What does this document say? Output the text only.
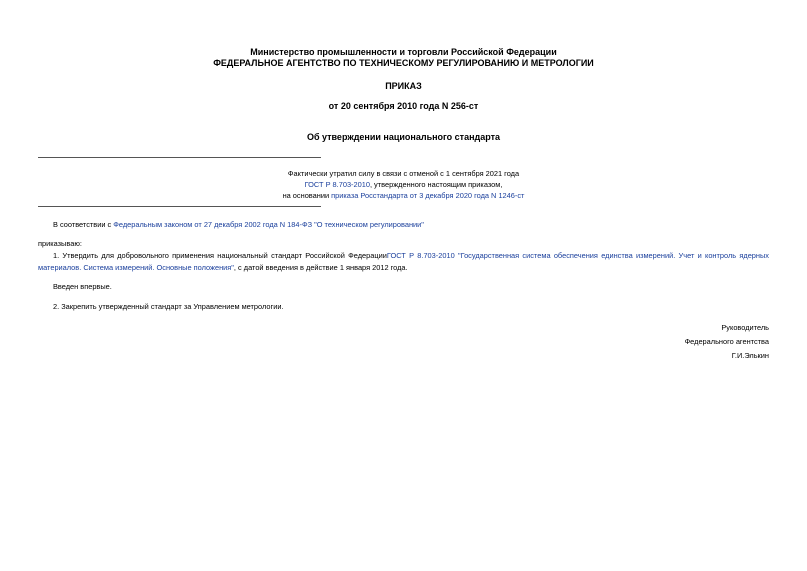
Министерство промышленности и торговли Российской Федерации
ФЕДЕРАЛЬНОЕ АГЕНТСТВО ПО ТЕХНИЧЕСКОМУ РЕГУЛИРОВАНИЮ И МЕТРОЛОГИИ
ПРИКАЗ
от 20 сентября 2010 года N 256-ст
Об утверждении национального стандарта
Фактически утратил силу в связи с отменой с 1 сентября 2021 года
ГОСТ Р 8.703-2010, утвержденного настоящим приказом,
на основании приказа Росстандарта от 3 декабря 2020 года N 1246-ст
В соответствии с Федеральным законом от 27 декабря 2002 года N 184-ФЗ "О техническом регулировании"
приказываю:
1. Утвердить для добровольного применения национальный стандарт Российской ФедерацииГОСТ Р 8.703-2010 "Государственная система обеспечения единства измерений. Учет и контроль ядерных
материалов. Система измерений. Основные положения", с датой введения в действие 1 января 2012 года.
Введен впервые.
2. Закрепить утвержденный стандарт за Управлением метрологии.
Руководитель
Федерального агентства
Г.И.Элькин
